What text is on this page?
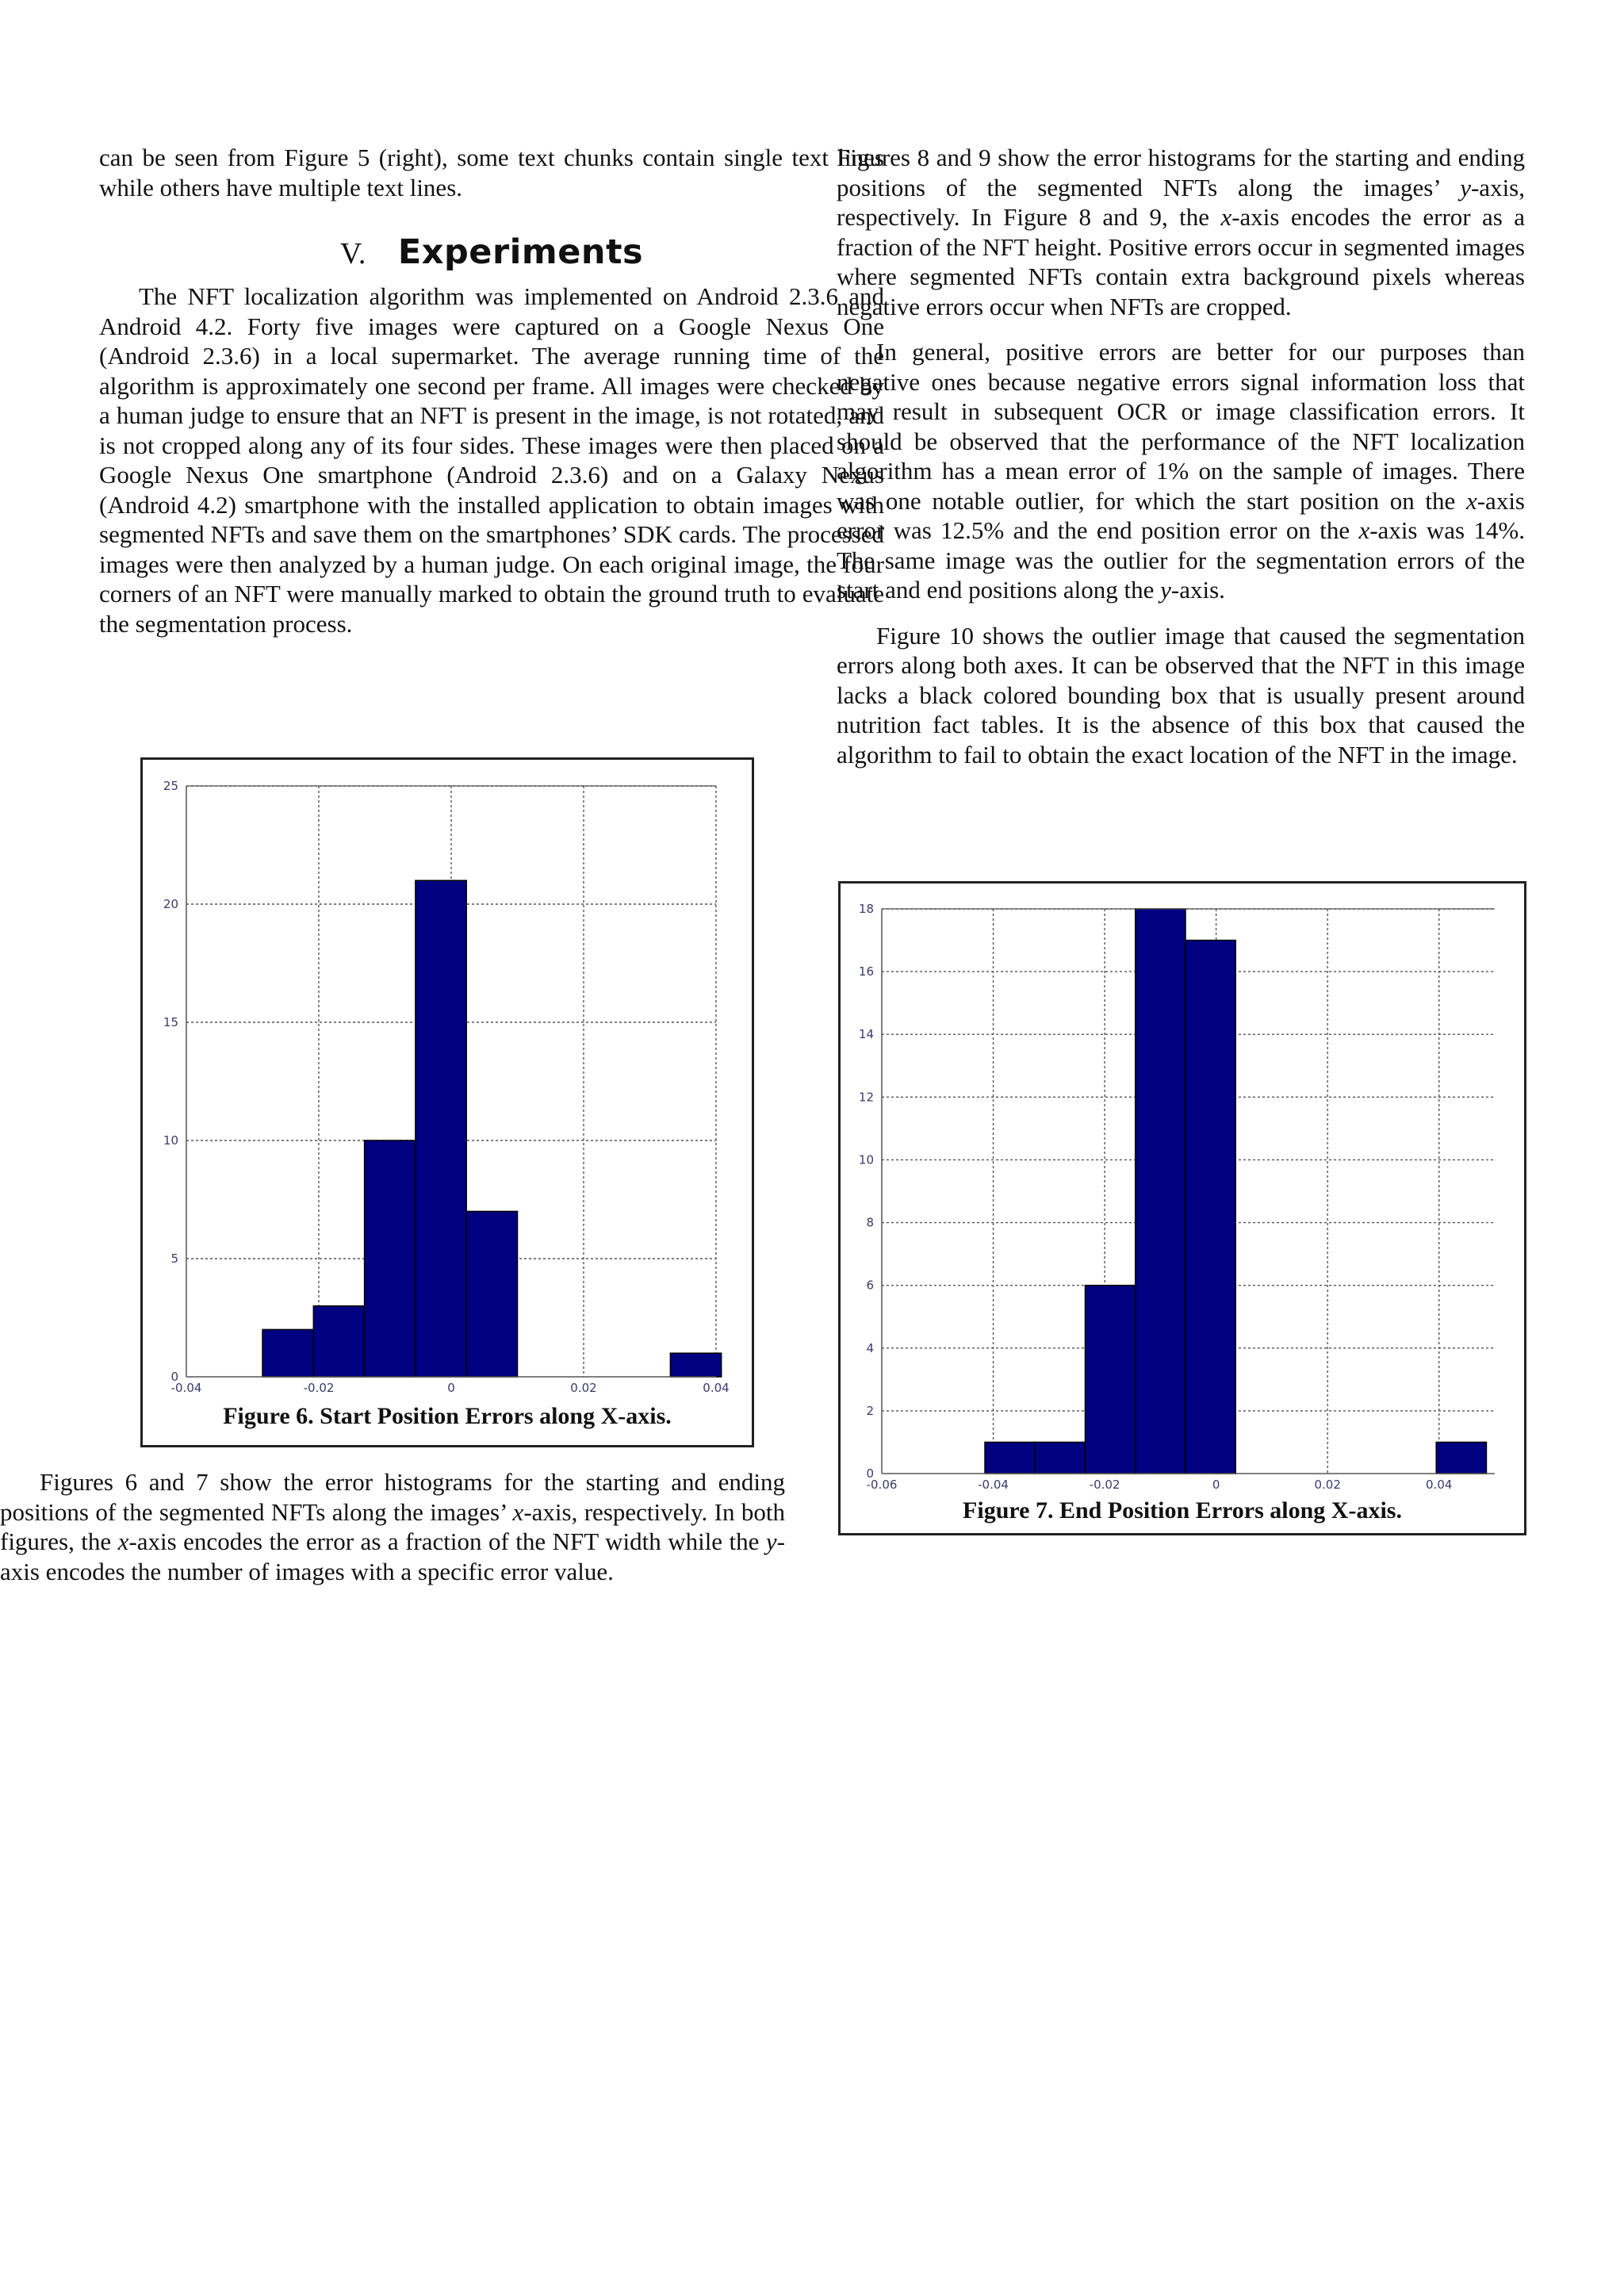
can be seen from Figure 5 (right), some text chunks contain single text lines while others have multiple text lines.

V. Experiments

The NFT localization algorithm was implemented on Android 2.3.6 and Android 4.2. Forty five images were captured on a Google Nexus One (Android 2.3.6) in a local supermarket. The average running time of the algorithm is approximately one second per frame. All images were checked by a human judge to ensure that an NFT is present in the image, is not rotated, and is not cropped along any of its four sides. These images were then placed on a Google Nexus One smartphone (Android 2.3.6) and on a Galaxy Nexus (Android 4.2) smartphone with the installed application to obtain images with segmented NFTs and save them on the smartphones’ SDK cards. The processed images were then analyzed by a human judge. On each original image, the four corners of an NFT were manually marked to obtain the ground truth to evaluate the segmentation process.

0
5
10
15
20
25
-0.04	-0.02	0	0.02	0.04
Figure 6. Start Position Errors along X-axis.

Figures 6 and 7 show the error histograms for the starting and ending positions of the segmented NFTs along the images’ x-axis, respectively. In both figures, the x-axis encodes the error as a fraction of the NFT width while the y-axis encodes the number of images with a specific error value.

Figures 8 and 9 show the error histograms for the starting and ending positions of the segmented NFTs along the images’ y-axis, respectively. In Figure 8 and 9, the x-axis encodes the error as a fraction of the NFT height. Positive errors occur in segmented images where segmented NFTs contain extra background pixels whereas negative errors occur when NFTs are cropped.

In general, positive errors are better for our purposes than negative ones because negative errors signal information loss that may result in subsequent OCR or image classification errors. It should be observed that the performance of the NFT localization algorithm has a mean error of 1% on the sample of images. There was one notable outlier, for which the start position on the x-axis error was 12.5% and the end position error on the x-axis was 14%. The same image was the outlier for the segmentation errors of the start and end positions along the y-axis.

Figure 10 shows the outlier image that caused the segmentation errors along both axes. It can be observed that the NFT in this image lacks a black colored bounding box that is usually present around nutrition fact tables. It is the absence of this box that caused the algorithm to fail to obtain the exact location of the NFT in the image.

0
2
4
6
8
10
12
14
16
18
-0.06	-0.04	-0.02	0	0.02	0.04
Figure 7. End Position Errors along X-axis.
